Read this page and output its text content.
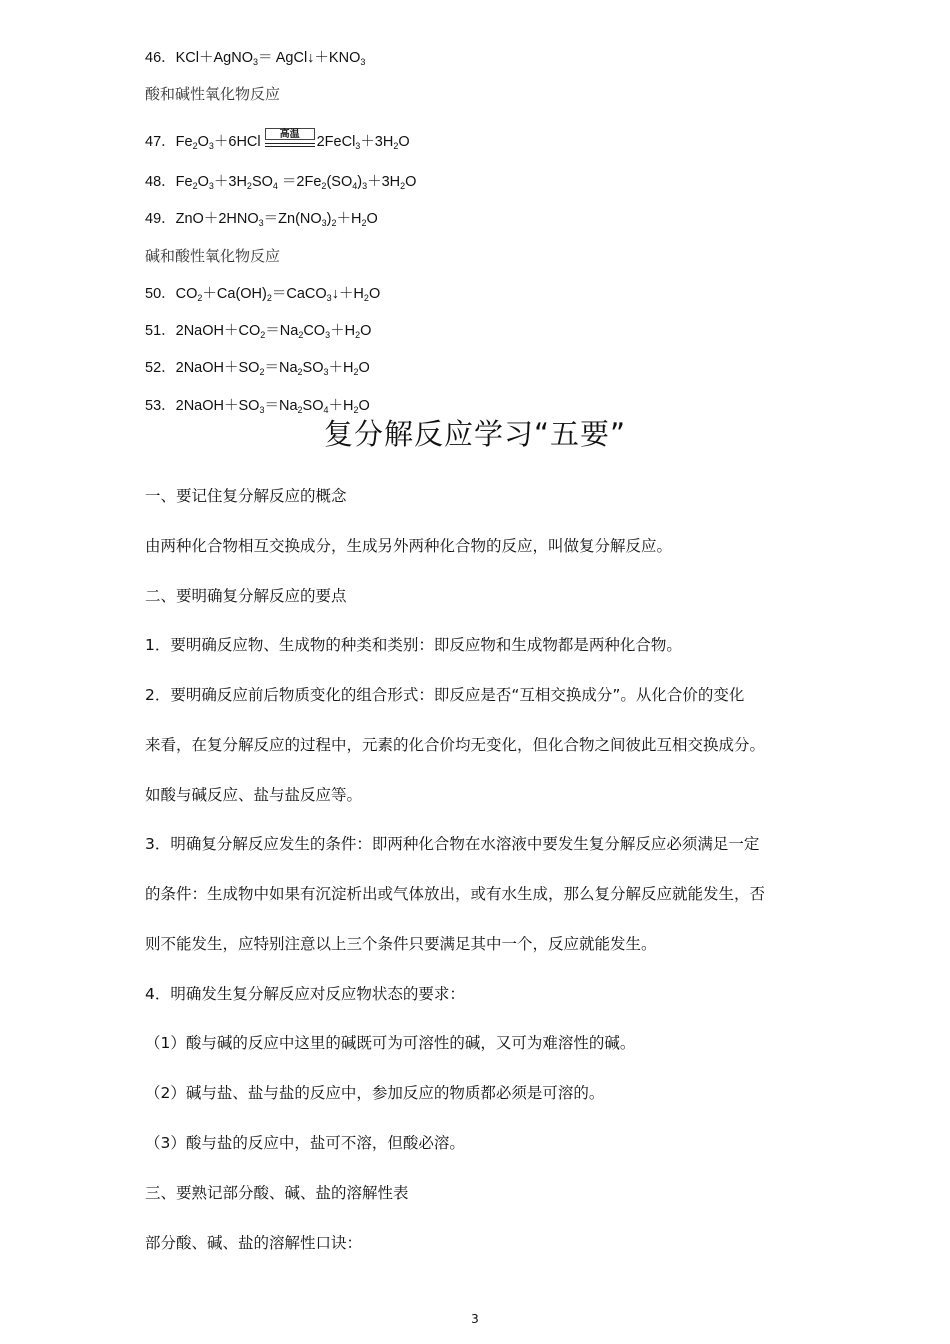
46．KCl＋AgNO$_3$＝ $AgCl↓+KNO_3$
酸和碱性氧化物反应
47．$Fe_2O_3+6HCl$	高温	$2FeCl_3+3H_2O$
48．$Fe_2O_3+3H_2SO_4 =2Fe_2(SO_4)_3+3H_2O$
49．$ZnO+2HNO_3=Zn(NO_3)_2+H_2O$
碱和酸性氧化物反应
50．$CO_2+Ca(OH)_2=CaCO_3↓+H_2O$
51．$2NaOH+CO_2=Na_2CO_3+H_2O$
52．$2NaOH+SO_2=Na_2SO_3+H_2O$
53．$2NaOH+SO_3=Na_2SO_4+H_2O$
复分解反应学习“五要”
一、要记住复分解反应的概念
由两种化合物相互交换成分，生成另外两种化合物的反应，叫做复分解反应。
二、要明确复分解反应的要点
1．要明确反应物、生成物的种类和类别：即反应物和生成物都是两种化合物。
2．要明确反应前后物质变化的组合形式：即反应是否“互相交换成分”。从化合价的变化
来看，在复分解反应的过程中，元素的化合价均无变化，但化合物之间彼此互相交换成分。
如酸与碱反应、盐与盐反应等。
3．明确复分解反应发生的条件：即两种化合物在水溶液中要发生复分解反应必须满足一定
的条件：生成物中如果有沉淀析出或气体放出，或有水生成，那么复分解反应就能发生，否
则不能发生，应特别注意以上三个条件只要满足其中一个，反应就能发生。
4．明确发生复分解反应对反应物状态的要求：
（1）酸与碱的反应中这里的碱既可为可溶性的碱，又可为难溶性的碱。
（2）碱与盐、盐与盐的反应中，参加反应的物质都必须是可溶的。
（3）酸与盐的反应中，盐可不溶，但酸必溶。
三、要熟记部分酸、碱、盐的溶解性表
部分酸、碱、盐的溶解性口诀：
3
